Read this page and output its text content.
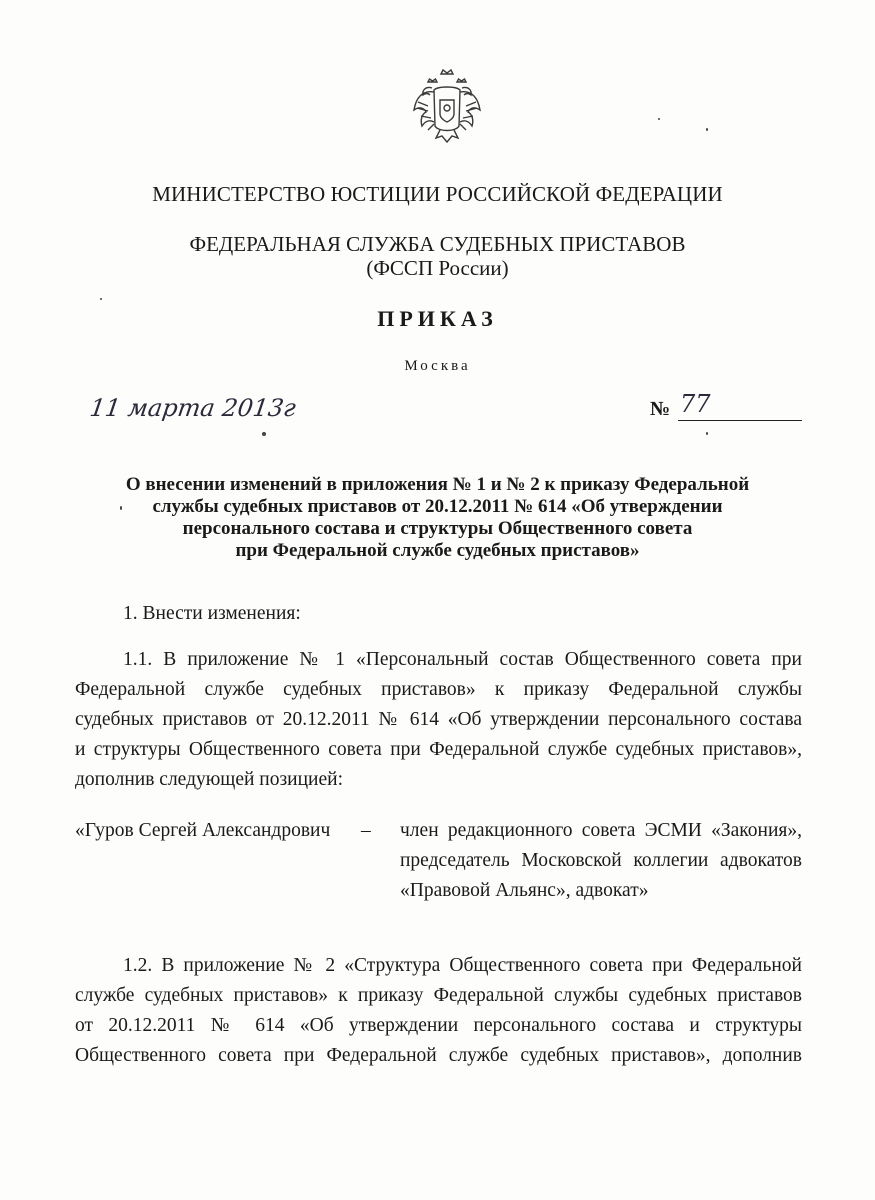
МИНИСТЕРСТВО ЮСТИЦИИ РОССИЙСКОЙ ФЕДЕРАЦИИ
ФЕДЕРАЛЬНАЯ СЛУЖБА СУДЕБНЫХ ПРИСТАВОВ
(ФССП России)
ПРИКАЗ
Москва
11 марта 2013г	№ 77
О внесении изменений в приложения № 1 и № 2 к приказу Федеральной
службы судебных приставов от 20.12.2011 № 614 «Об утверждении
персонального состава и структуры Общественного совета
при Федеральной службе судебных приставов»
1. Внести изменения:
1.1. В приложение № 1 «Персональный состав Общественного совета при
Федеральной службе судебных приставов» к приказу Федеральной службы
судебных приставов от 20.12.2011 № 614 «Об утверждении персонального состава
и структуры Общественного совета при Федеральной службе судебных приставов»,
дополнив следующей позицией:
«Гуров Сергей Александрович – член редакционного совета ЭСМИ «Закония»,
председатель Московской коллегии адвокатов
«Правовой Альянс», адвокат»
1.2. В приложение № 2 «Структура Общественного совета при Федеральной
службе судебных приставов» к приказу Федеральной службы судебных приставов
от 20.12.2011 № 614 «Об утверждении персонального состава и структуры
Общественного совета при Федеральной службе судебных приставов», дополнив
